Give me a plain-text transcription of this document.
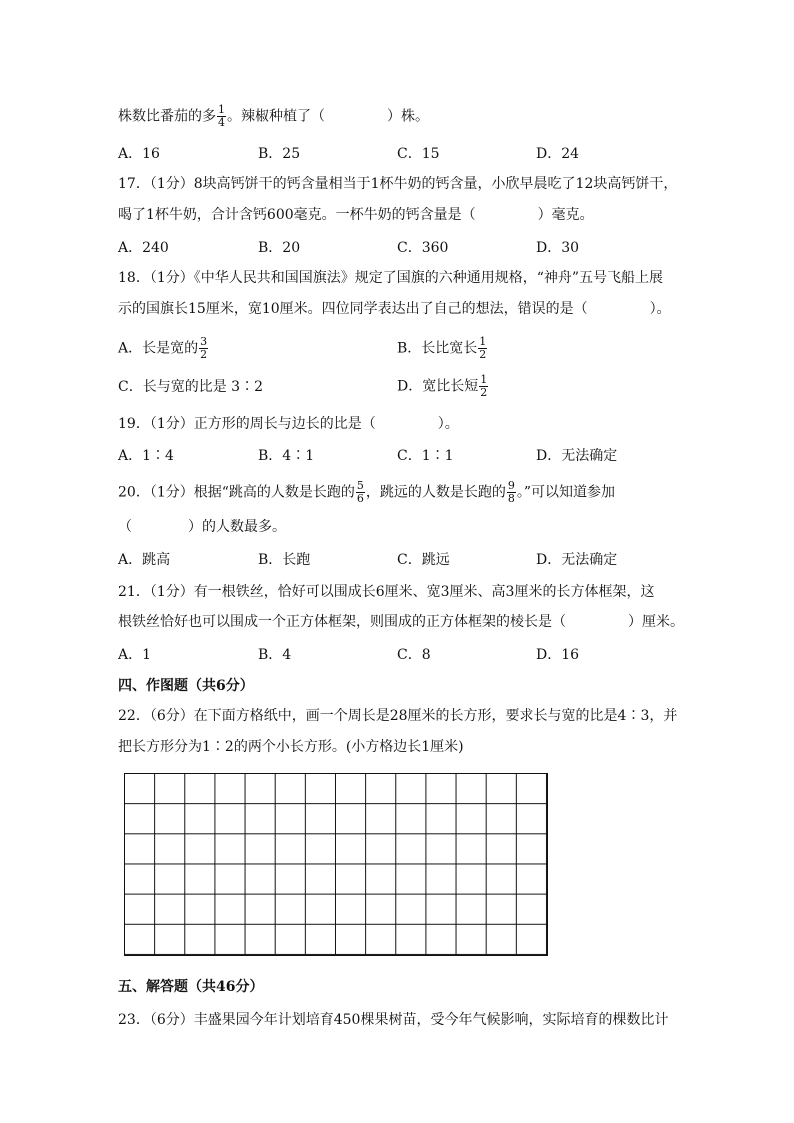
株数比番茄的多 $\frac{1}{4}$ 。辣椒种植了（	）株。
A．16	B．25	C．15	D．24
17．（1分）8块高钙饼干的钙含量相当于1杯牛奶的钙含量，小欣早晨吃了12块高钙饼干，
喝了1杯牛奶，合计含钙600毫克。一杯牛奶的钙含量是（	）毫克。
A．240	B．20	C．360	D．30
18．（1分）《中华人民共和国国旗法》规定了国旗的六种通用规格，“神舟”五号飞船上展
示的国旗长15厘米，宽10厘米。四位同学表达出了自己的想法，错误的是（	）。
A．长是宽的 $\frac{3}{2}$	B．长比宽长 $\frac{1}{2}$
C．长与宽的比是 3∶2	D．宽比长短 $\frac{1}{2}$
19．（1分）正方形的周长与边长的比是（	）。
A．1∶4	B．4∶1	C．1∶1	D．无法确定
20．（1分）根据“跳高的人数是长跑的 $\frac{5}{6}$ ，跳远的人数是长跑的 $\frac{9}{8}$ 。”可以知道参加
（	）的人数最多。
A．跳高	B．长跑	C．跳远	D．无法确定
21．（1分）有一根铁丝，恰好可以围成长6厘米、宽3厘米、高3厘米的长方体框架，这
根铁丝恰好也可以围成一个正方体框架，则围成的正方体框架的棱长是（	）厘米。
A．1	B．4	C．8	D．16
四、作图题（共6分）
22．（6分）在下面方格纸中，画一个周长是28厘米的长方形，要求长与宽的比是4∶3，并
把长方形分为1∶2的两个小长方形。(小方格边长1厘米)
五、解答题（共46分）
23．（6分）丰盛果园今年计划培育450棵果树苗，受今年气候影响，实际培育的棵数比计
